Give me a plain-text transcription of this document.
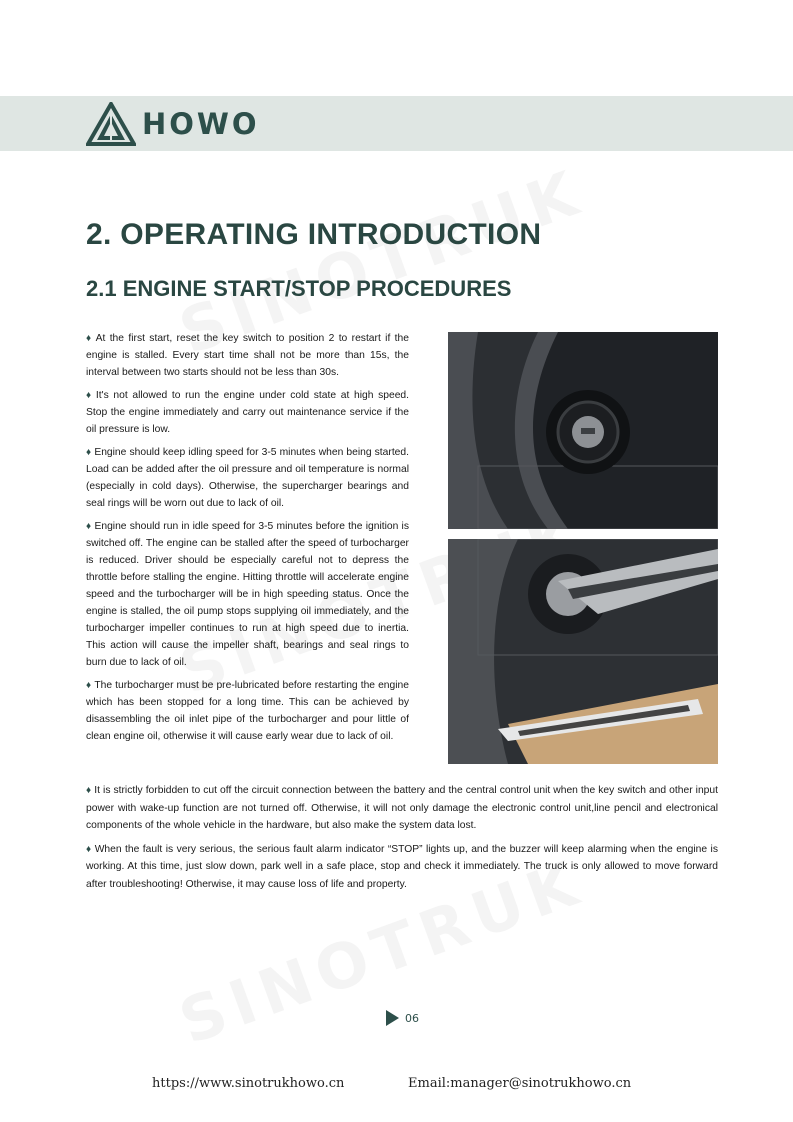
HOWO
2. OPERATING INTRODUCTION
2.1 ENGINE START/STOP PROCEDURES

♦ At the first start, reset the key switch to position 2 to restart if the engine is stalled. Every start time shall not be more than 15s, the interval between two starts should not be less than 30s.

♦ It's not allowed to run the engine under cold state at high speed. Stop the engine immediately and carry out maintenance service if the oil pressure is low.

♦ Engine should keep idling speed for 3-5 minutes when being started. Load can be added after the oil pressure and oil temperature is normal (especially in cold days). Otherwise, the supercharger bearings and seal rings will be worn out due to lack of oil.

♦ Engine should run in idle speed for 3-5 minutes before the ignition is switched off. The engine can be stalled after the speed of turbocharger is reduced. Driver should be especially careful not to depress the throttle before stalling the engine. Hitting throttle will accelerate engine speed and the turbocharger will be in high speeding status. Once the engine is stalled, the oil pump stops supplying oil immediately, and the turbocharger impeller continues to run at high speed due to inertia. This action will cause the impeller shaft, bearings and seal rings to burn due to lack of oil.

♦ The turbocharger must be pre-lubricated before restarting the engine which has been stopped for a long time. This can be achieved by disassembling the oil inlet pipe of the turbocharger and pour little of clean engine oil, otherwise it will cause early wear due to lack of oil.

♦ It is strictly forbidden to cut off the circuit connection between the battery and the central control unit when the key switch and other input power with wake-up function are not turned off. Otherwise, it will not only damage the electronic control unit,line pencil and electronical components of the whole vehicle in the hardware, but also make the system data lost.

♦ When the fault is very serious, the serious fault alarm indicator “STOP” lights up, and the buzzer will keep alarming when the engine is working. At this time, just slow down, park well in a safe place, stop and check it immediately. The truck is only allowed to move forward after troubleshooting! Otherwise, it may cause loss of life and property.

06
https://www.sinotrukhowo.cn	Email:manager@sinotrukhowo.cn
